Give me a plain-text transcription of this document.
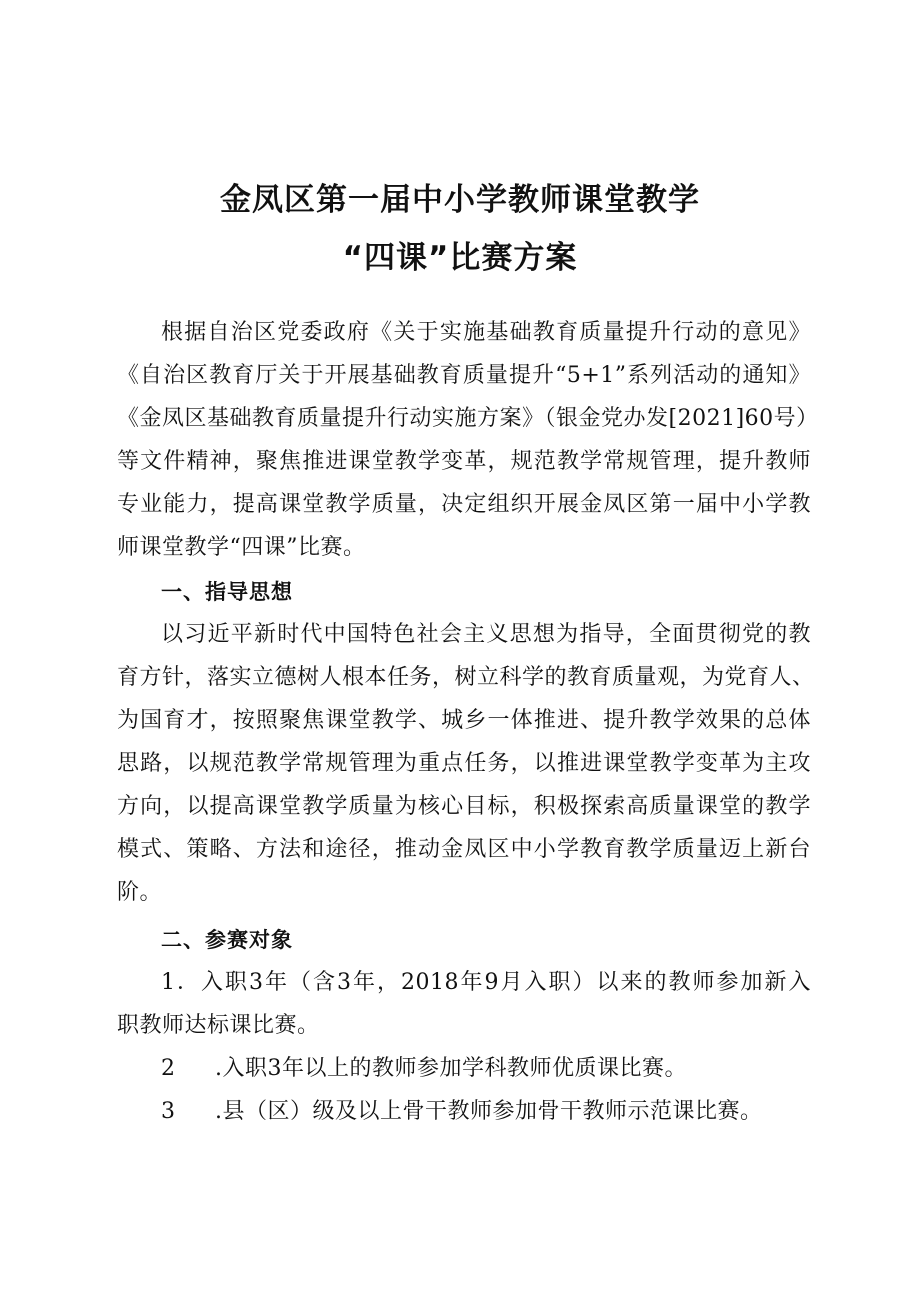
金凤区第一届中小学教师课堂教学
“四课”比赛方案
根据自治区党委政府《关于实施基础教育质量提升行动的意见》
《自治区教育厅关于开展基础教育质量提升“5+1”系列活动的通知》
《金凤区基础教育质量提升行动实施方案》（银金党办发[2021]60号）
等文件精神，聚焦推进课堂教学变革，规范教学常规管理，提升教师
专业能力，提高课堂教学质量，决定组织开展金凤区第一届中小学教
师课堂教学“四课”比赛。
一、指导思想
以习近平新时代中国特色社会主义思想为指导，全面贯彻党的教
育方针，落实立德树人根本任务，树立科学的教育质量观，为党育人、
为国育才，按照聚焦课堂教学、城乡一体推进、提升教学效果的总体
思路，以规范教学常规管理为重点任务，以推进课堂教学变革为主攻
方向，以提高课堂教学质量为核心目标，积极探索高质量课堂的教学
模式、策略、方法和途径，推动金凤区中小学教育教学质量迈上新台
阶。
二、参赛对象
1．入职3年（含3年，2018年9月入职）以来的教师参加新入
职教师达标课比赛。
2 .入职3年以上的教师参加学科教师优质课比赛。
3 .县（区）级及以上骨干教师参加骨干教师示范课比赛。
